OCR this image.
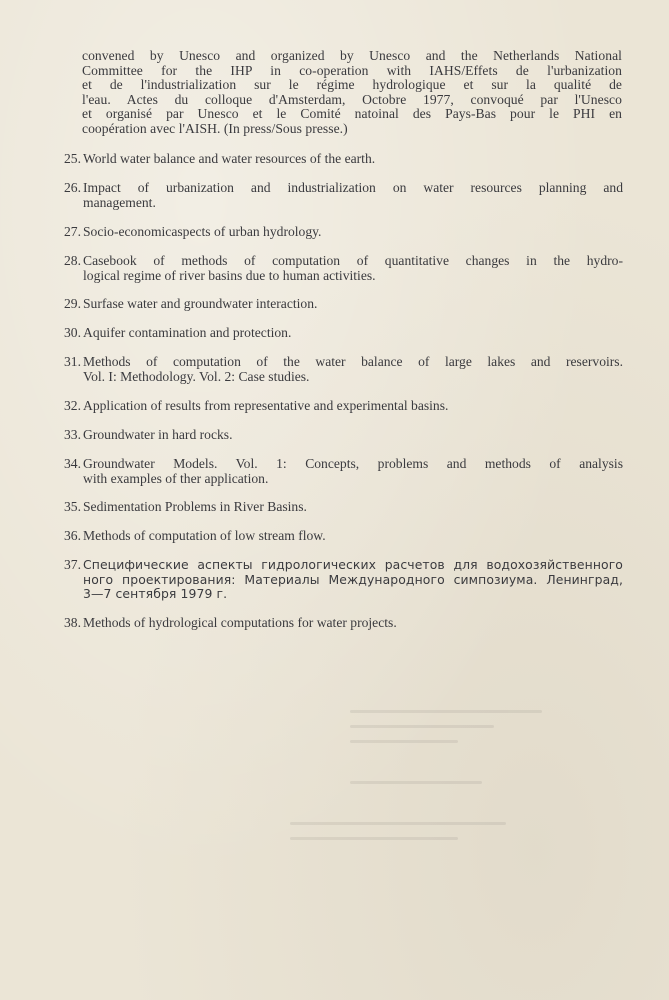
convened by Unesco and organized by Unesco and the Netherlands National
Committee for the IHP in co-operation with IAHS/Effets de l'urbanization
et de l'industrialization sur le régime hydrologique et sur la qualité de
l'eau. Actes du colloque d'Amsterdam, Octobre 1977, convoqué par l'Unesco
et organisé par Unesco et le Comité natoinal des Pays-Bas pour le PHI en
coopération avec l'AISH. (In press/Sous presse.)
25. World water balance and water resources of the earth.
26. Impact of urbanization and industrialization on water resources planning and
management.
27. Socio-economicaspects of urban hydrology.
28. Casebook of methods of computation of quantitative changes in the hydro-
logical regime of river basins due to human activities.
29. Surfase water and groundwater interaction.
30. Aquifer contamination and protection.
31. Methods of computation of the water balance of large lakes and reservoirs.
Vol. I: Methodology. Vol. 2: Case studies.
32. Application of results from representative and experimental basins.
33. Groundwater in hard rocks.
34. Groundwater Models. Vol. 1: Concepts, problems and methods of analysis
with examples of ther application.
35. Sedimentation Problems in River Basins.
36. Methods of computation of low stream flow.
37. Специфические аспекты гидрологических расчетов для водохозяйственного
ного проектирования: Материалы Международного симпозиума. Ленинград,
3—7 сентября 1979 г.
38. Methods of hydrological computations for water projects.
